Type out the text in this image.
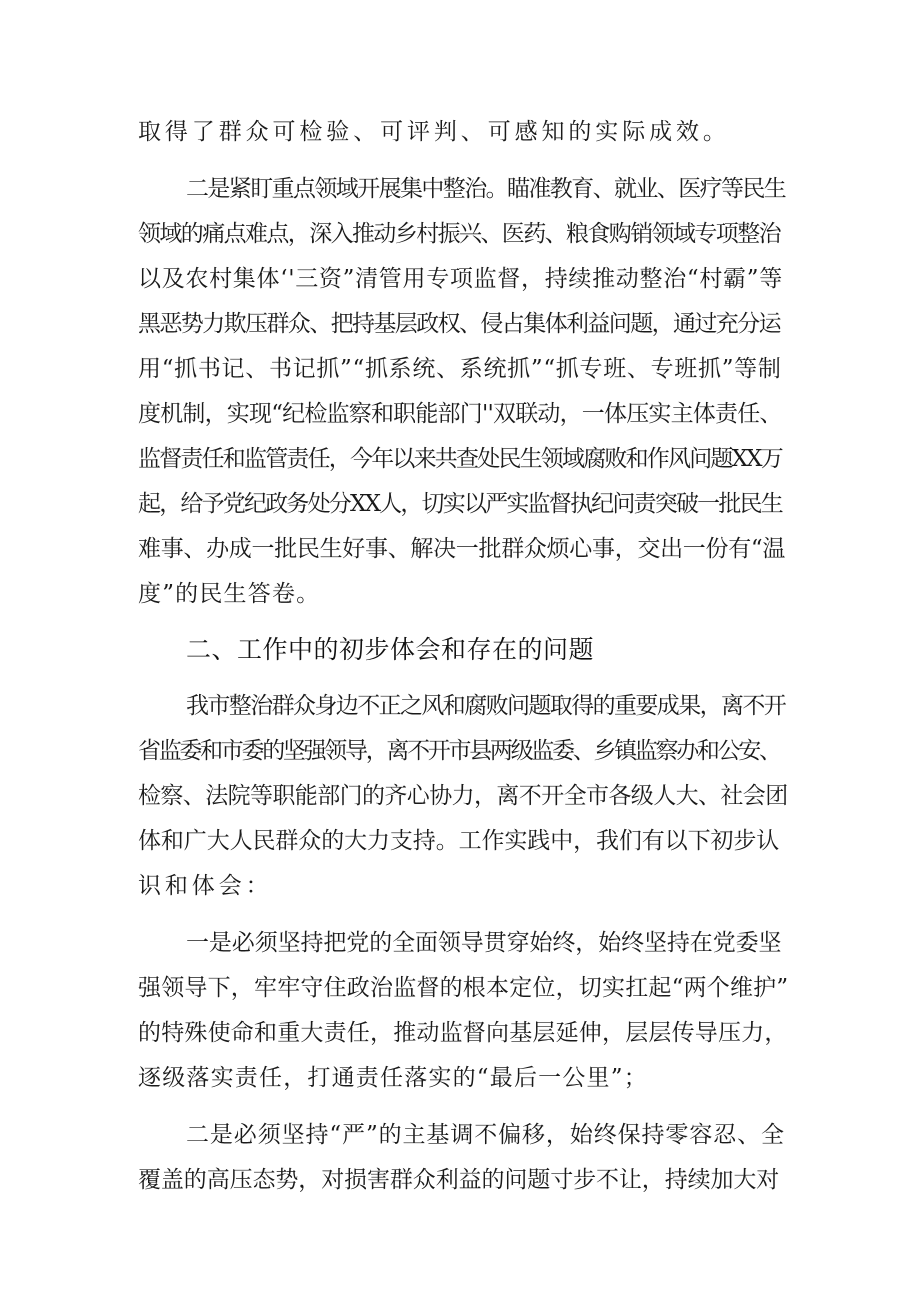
取得了群众可检验、可评判、可感知的实际成效。
二是紧盯重点领域开展集中整治。瞄准教育、就业、医疗等民生
领域的痛点难点，深入推动乡村振兴、医药、粮食购销领域专项整治
以及农村集体‘'三资”清管用专项监督，持续推动整治“村霸”等
黑恶势力欺压群众、把持基层政权、侵占集体利益问题，通过充分运
用“抓书记、书记抓”“抓系统、系统抓”“抓专班、专班抓”等制
度机制，实现“纪检监察和职能部门''双联动，一体压实主体责任、
监督责任和监管责任，今年以来共查处民生领域腐败和作风问题XX万
起，给予党纪政务处分XX人，切实以严实监督执纪问责突破一批民生
难事、办成一批民生好事、解决一批群众烦心事，交出一份有“温
度”的民生答卷。
二、工作中的初步体会和存在的问题
我市整治群众身边不正之风和腐败问题取得的重要成果，离不开
省监委和市委的坚强领导，离不开市县两级监委、乡镇监察办和公安、
检察、法院等职能部门的齐心协力，离不开全市各级人大、社会团
体和广大人民群众的大力支持。工作实践中，我们有以下初步认
识和体会：
一是必须坚持把党的全面领导贯穿始终，始终坚持在党委坚
强领导下，牢牢守住政治监督的根本定位，切实扛起“两个维护”
的特殊使命和重大责任，推动监督向基层延伸，层层传导压力，
逐级落实责任，打通责任落实的“最后一公里”；
二是必须坚持“严”的主基调不偏移，始终保持零容忍、全
覆盖的高压态势，对损害群众利益的问题寸步不让，持续加大对
